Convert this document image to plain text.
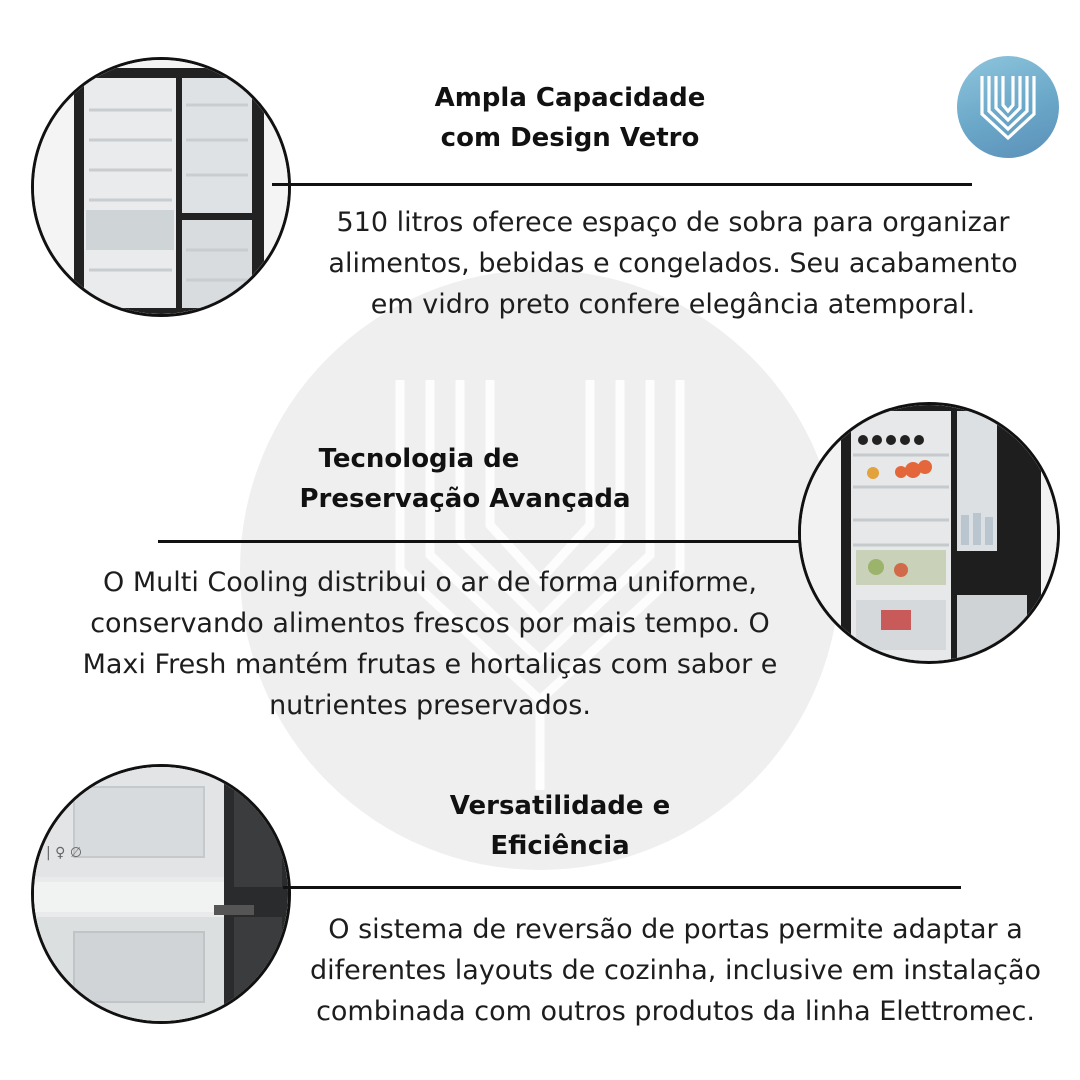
| ♀ ∅
Ampla Capacidade
com Design Vetro
510 litros oferece espaço de sobra para organizar
alimentos, bebidas e congelados. Seu acabamento
em vidro preto confere elegância atemporal.
Tecnologia de
Preservação Avançada
O Multi Cooling distribui o ar de forma uniforme,
conservando alimentos frescos por mais tempo. O
Maxi Fresh mantém frutas e hortaliças com sabor e
nutrientes preservados.
Versatilidade e
Eficiência
O sistema de reversão de portas permite adaptar a
diferentes layouts de cozinha, inclusive em instalação
combinada com outros produtos da linha Elettromec.
